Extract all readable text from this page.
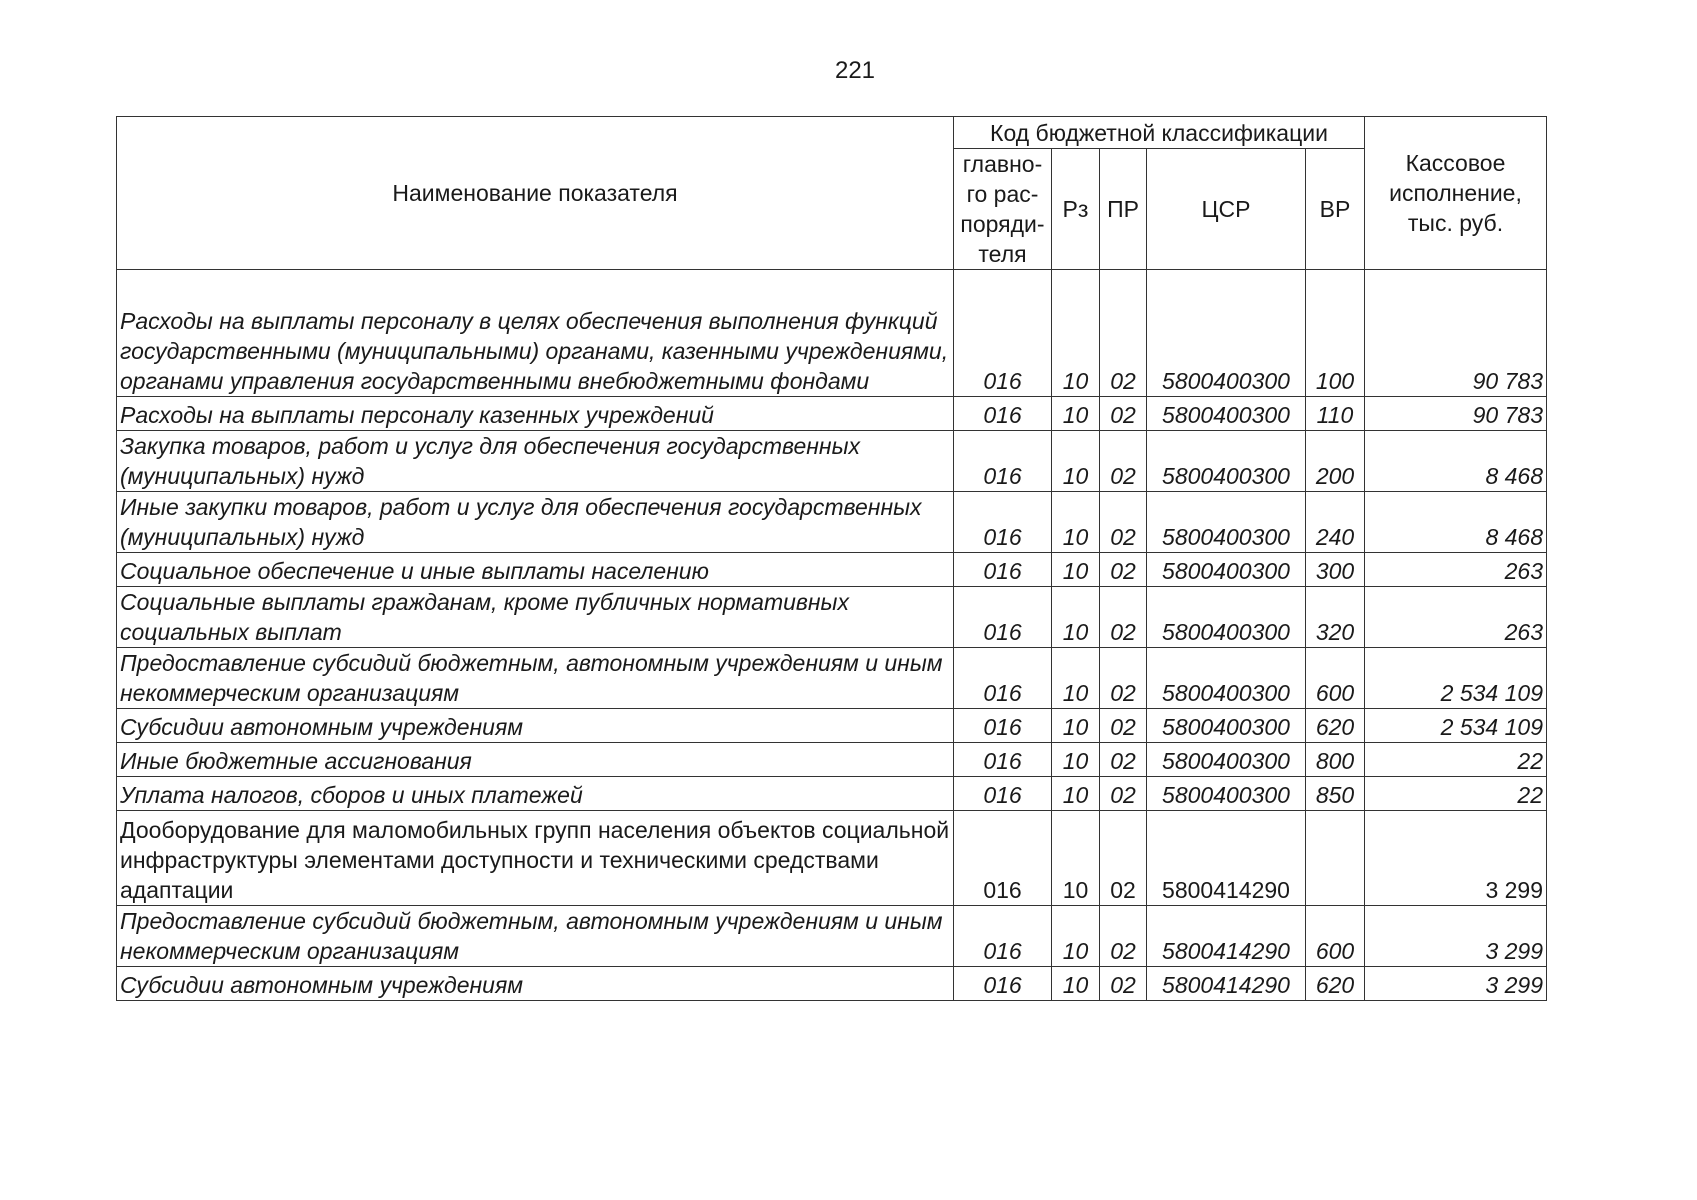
221
Наименование показателя	Код бюджетной классификации					Кассовое исполнение, тыс. руб.
	главно-го рас-поряди-теля	Рз	ПР	ЦСР	ВР	
Расходы на выплаты персоналу в целях обеспечения выполнения функций государственными (муниципальными) органами, казенными учреждениями, органами управления государственными внебюджетными фондами	016	10	02	5800400300	100	90 783
Расходы на выплаты персоналу казенных учреждений	016	10	02	5800400300	110	90 783
Закупка товаров, работ и услуг для обеспечения государственных (муниципальных) нужд	016	10	02	5800400300	200	8 468
Иные закупки товаров, работ и услуг для обеспечения государственных (муниципальных) нужд	016	10	02	5800400300	240	8 468
Социальное обеспечение и иные выплаты населению	016	10	02	5800400300	300	263
Социальные выплаты гражданам, кроме публичных нормативных социальных выплат	016	10	02	5800400300	320	263
Предоставление субсидий бюджетным, автономным учреждениям и иным некоммерческим организациям	016	10	02	5800400300	600	2 534 109
Субсидии автономным учреждениям	016	10	02	5800400300	620	2 534 109
Иные бюджетные ассигнования	016	10	02	5800400300	800	22
Уплата налогов, сборов и иных платежей	016	10	02	5800400300	850	22
Дооборудование для маломобильных групп населения объектов социальной инфраструктуры элементами доступности и техническими средствами адаптации	016	10	02	5800414290		3 299
Предоставление субсидий бюджетным, автономным учреждениям и иным некоммерческим организациям	016	10	02	5800414290	600	3 299
Субсидии автономным учреждениям	016	10	02	5800414290	620	3 299
